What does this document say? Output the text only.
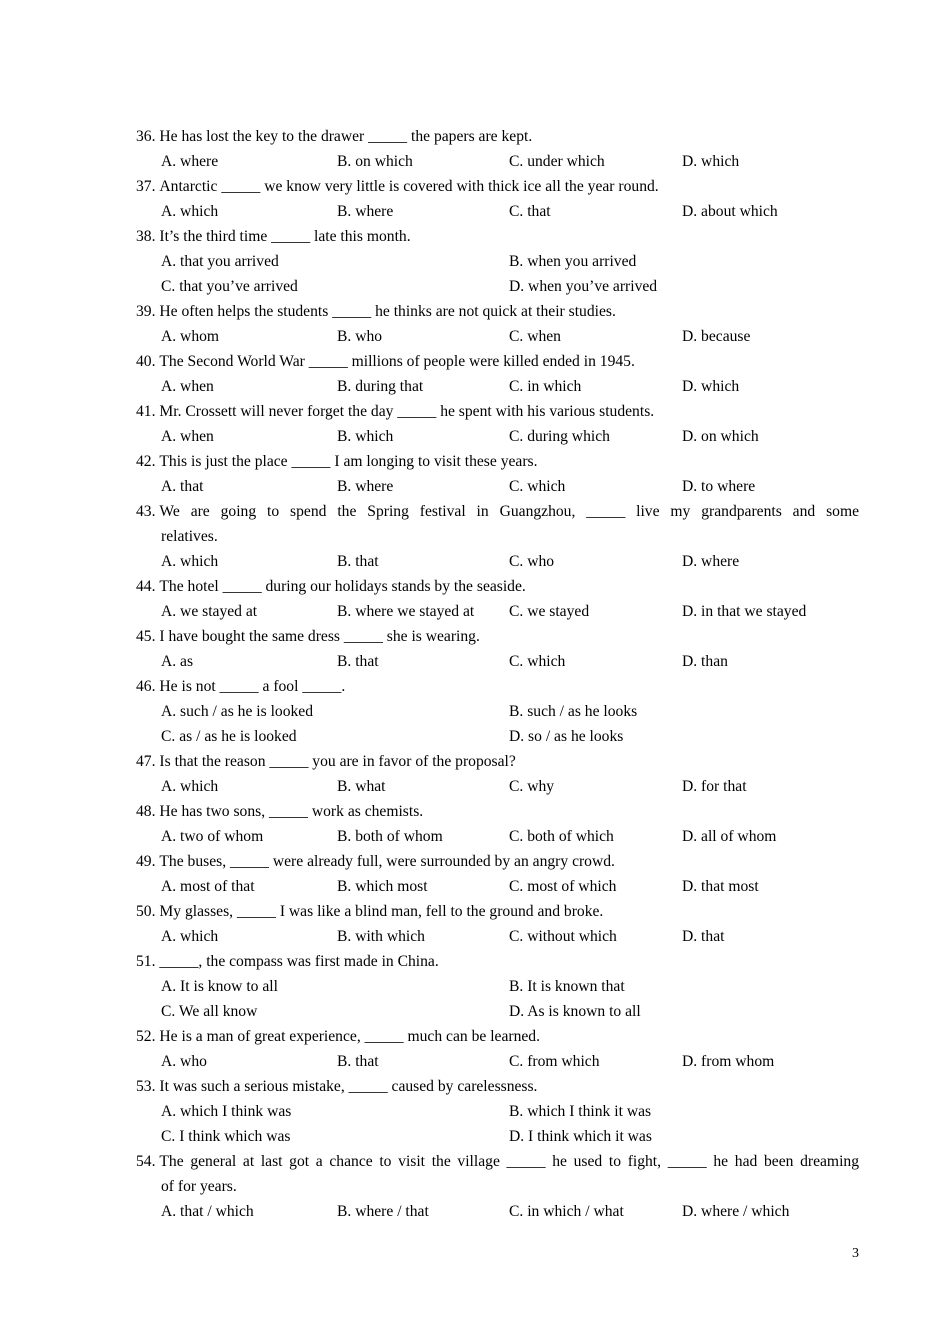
36.
He has lost the key to the drawer _____ the papers are kept.
A. where	B. on which	C. under which	D. which
37.
Antarctic _____ we know very little is covered with thick ice all the year round.
A. which	B. where	C. that	D. about which
38.
It’s the third time _____ late this month.
A. that you arrived	B. when you arrived
C. that you’ve arrived	D. when you’ve arrived
39.
He often helps the students _____ he thinks are not quick at their studies.
A. whom	B. who	C. when	D. because
40.
The Second World War _____ millions of people were killed ended in 1945.
A. when	B. during that	C. in which	D. which
41.
Mr. Crossett will never forget the day _____ he spent with his various students.
A. when	B. which	C. during which	D. on which
42.
This is just the place _____ I am longing to visit these years.
A. that	B. where	C. which	D. to where
43.
We are going to spend the Spring festival in Guangzhou, _____ live my grandparents and some
relatives.
A. which	B. that	C. who	D. where
44.
The hotel _____ during our holidays stands by the seaside.
A. we stayed at	B. where we stayed at	C. we stayed	D. in that we stayed
45.
I have bought the same dress _____ she is wearing.
A. as	B. that	C. which	D. than
46.
He is not _____ a fool _____.
A. such / as he is looked	B. such / as he looks
C. as / as he is looked	D. so / as he looks
47.
Is that the reason _____ you are in favor of the proposal?
A. which	B. what	C. why	D. for that
48.
He has two sons, _____ work as chemists.
A. two of whom	B. both of whom	C. both of which	D. all of whom
49.
The buses, _____ were already full, were surrounded by an angry crowd.
A. most of that	B. which most	C. most of which	D. that most
50.
My glasses, _____ I was like a blind man, fell to the ground and broke.
A. which	B. with which	C. without which	D. that
51.
_____, the compass was first made in China.
A. It is know to all	B. It is known that
C. We all know	D. As is known to all
52.
He is a man of great experience, _____ much can be learned.
A. who	B. that	C. from which	D. from whom
53.
It was such a serious mistake, _____ caused by carelessness.
A. which I think was	B. which I think it was
C. I think which was	D. I think which it was
54.
The general at last got a chance to visit the village _____ he used to fight, _____ he had been dreaming
of for years.
A. that / which	B. where / that	C. in which / what	D. where / which
3
